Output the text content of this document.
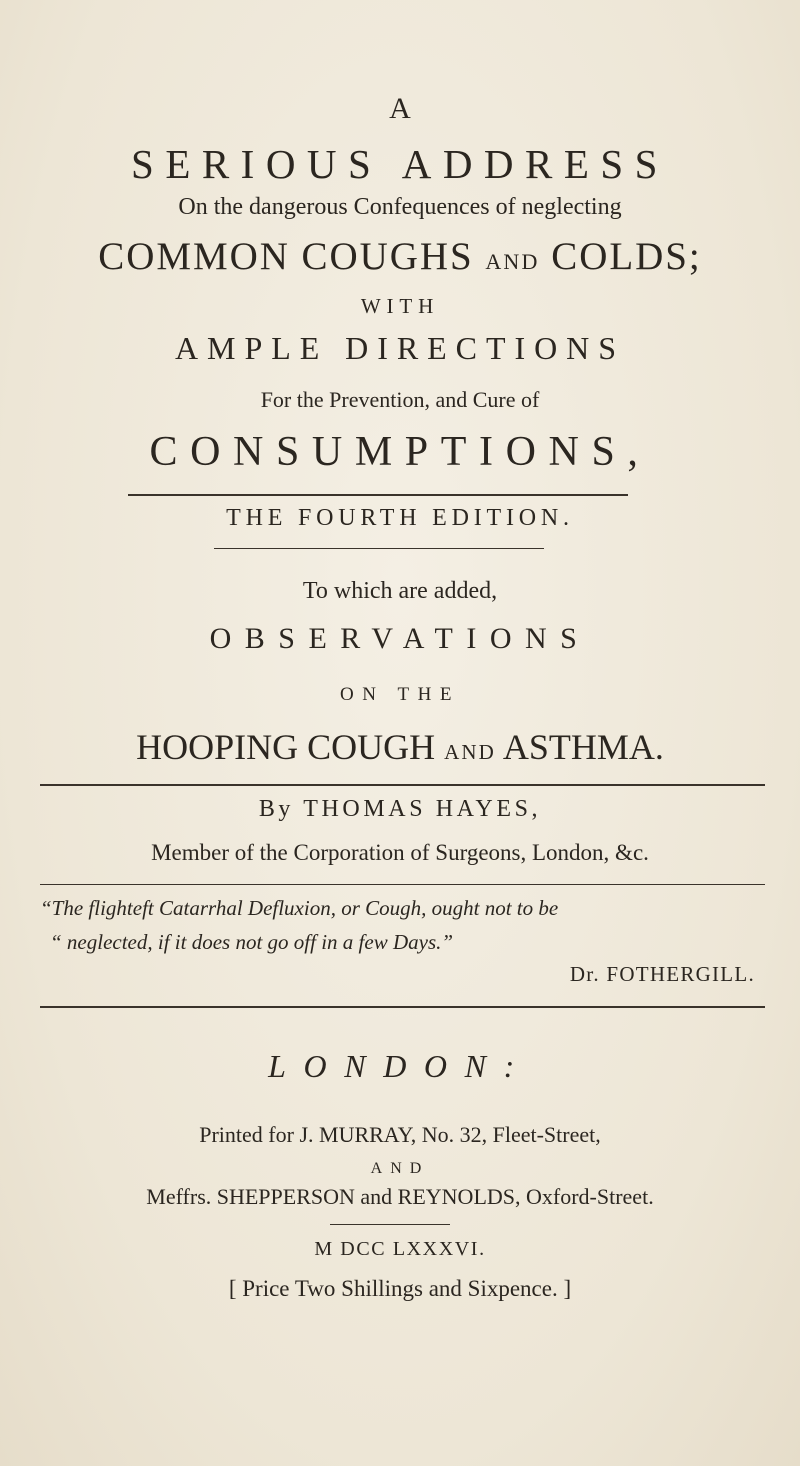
A
SERIOUS ADDRESS
On the dangerous Confequences of neglecting
COMMON COUGHS AND COLDS;
WITH
AMPLE DIRECTIONS
For the Prevention, and Cure of
CONSUMPTIONS,
THE FOURTH EDITION.
To which are added,
OBSERVATIONS
ON THE
HOOPING COUGH AND ASTHMA.
By THOMAS HAYES,
Member of the Corporation of Surgeons, London, &c.
“The flighteft Catarrhal Defluxion, or Cough, ought not to be
“ neglected, if it does not go off in a few Days.”
Dr. FOTHERGILL.
LONDON:
Printed for J. MURRAY, No. 32, Fleet-Street,
AND
Meffrs. SHEPPERSON and REYNOLDS, Oxford-Street.
M DCC LXXXVI.
[ Price Two Shillings and Sixpence. ]
